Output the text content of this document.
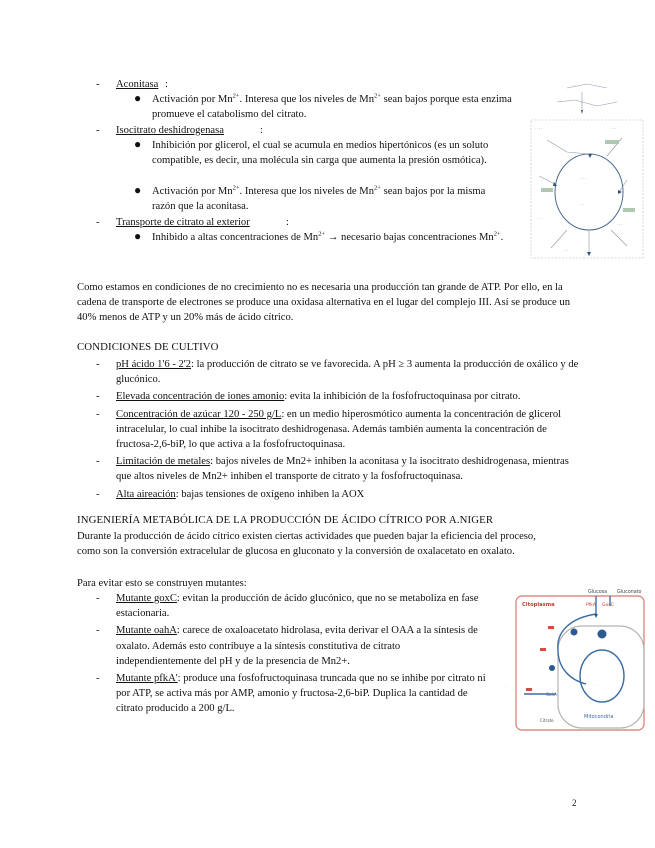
-	Aconitasa :
● Activación por $Mn^{2+}$. Interesa que los niveles de $Mn^{2+}$ sean bajos porque esta enzima promueve el catabolismo del citrato.

-	Isocitrato deshidrogenasa	:
● Inhibición por glicerol, el cual se acumula en medios hipertónicos (es un soluto compatible, es decir, una molécula sin carga que aumenta la presión osmótica).

● Activación por $Mn^{2+}$. Interesa que los niveles de $Mn^{2+}$ sean bajos por la misma razón que la aconitasa.

-	Transporte de citrato al exterior	:
● Inhibido a altas concentraciones de $Mn^{2+}$ → necesario bajas concentraciones $Mn^{2+}$.

· · ·
· · · ·	· · ·
· · · ·
· · ·
· · ·
· · ·
· · ·

Como estamos en condiciones de no crecimiento no es necesaria una producción tan grande de ATP. Por ello, en la cadena de transporte de electrones se produce una oxidasa alternativa en el lugar del complejo III. Así se produce un 40% menos de ATP y un 20% más de ácido cítrico.

CONDICIONES DE CULTIVO
-	pH ácido 1'6 - 2'2: la producción de citrato se ve favorecida. A pH ≥ 3 aumenta la producción de oxálico y de glucónico.

-	Elevada concentración de iones amonio: evita la inhibición de la fosfofructoquinasa por citrato.

-	Concentración de azúcar 120 - 250 g/L: en un medio hiperosmótico aumenta la concentración de glicerol intracelular, lo cual inhibe la isocitrato deshidrogenasa. Además también aumenta la concentración de fructosa-2,6-biP, lo que activa a la fosfofructoquinasa.

-	Limitación de metales: bajos niveles de Mn2+ inhiben la aconitasa y la isocitrato deshidrogenasa, mientras que altos niveles de Mn2+ inhiben el transporte de citrato y la fosfofructoquinasa.

-	Alta aireación: bajas tensiones de oxígeno inhiben la AOX

INGENIERÍA METABÓLICA DE LA PRODUCCIÓN DE ÁCIDO CÍTRICO POR A.NIGER

Durante la producción de ácido cítrico existen ciertas actividades que pueden bajar la eficiencia del proceso, como son la conversión extracelular de glucosa en gluconato y la conversión de oxalacetato en oxalato.

Para evitar esto se construyen mutantes:

-	Mutante goxC: evitan la producción de ácido glucónico, que no se metaboliza en fase estacionaria.

-	Mutante oahA: carece de oxaloacetato hidrolasa, evita derivar el OAA a la síntesis de oxalato. Además esto contribuye a la síntesis constitutiva de citrato independientemente del pH y de la presencia de Mn2+.

-	Mutante pfkA': produce una fosfofructoquinasa truncada que no se inhibe por citrato ni por ATP, se activa más por AMP, amonio y fructosa-2,6-biP. Duplica la cantidad de citrato producido a 200 g/L.

Glucosa Gluconato
Citoplasma	PfkA GoxC
OahA
Citrate
Mitocondria
· · ·
· · ·
· · ·
· · ·
· ·
2
